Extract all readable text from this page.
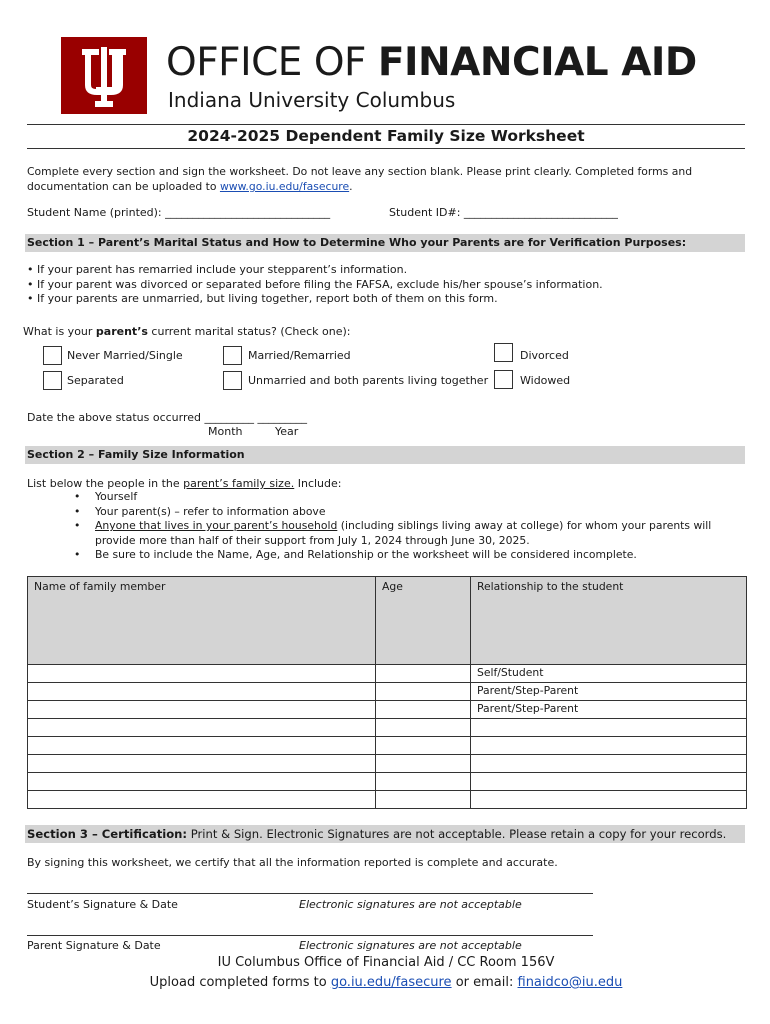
OFFICE OF FINANCIAL AID
Indiana University Columbus
2024-2025 Dependent Family Size Worksheet
Complete every section and sign the worksheet. Do not leave any section blank. Please print clearly. Completed forms and documentation can be uploaded to www.go.iu.edu/fasecure.
Student Name (printed): ______________________________	Student ID#: ____________________________
Section 1 – Parent’s Marital Status and How to Determine Who your Parents are for Verification Purposes:
• If your parent has remarried include your stepparent’s information.
• If your parent was divorced or separated before filing the FAFSA, exclude his/her spouse’s information.
• If your parents are unmarried, but living together, report both of them on this form.
What is your parent’s current marital status? (Check one):
Never Married/Single	Married/Remarried	Divorced
Separated	Unmarried and both parents living together	Widowed
Date the above status occurred _________ _________
Month	Year
Section 2 – Family Size Information
List below the people in the parent’s family size. Include:
• Yourself
• Your parent(s) – refer to information above
• Anyone that lives in your parent’s household (including siblings living away at college) for whom your parents will provide more than half of their support from July 1, 2024 through June 30, 2025.
• Be sure to include the Name, Age, and Relationship or the worksheet will be considered incomplete.
Name of family member	Age	Relationship to the student
		Self/Student
		Parent/Step-Parent
		Parent/Step-Parent

Section 3 – Certification: Print & Sign. Electronic Signatures are not acceptable. Please retain a copy for your records.
By signing this worksheet, we certify that all the information reported is complete and accurate.
Student’s Signature & Date	Electronic signatures are not acceptable
Parent Signature & Date	Electronic signatures are not acceptable
IU Columbus Office of Financial Aid / CC Room 156V
Upload completed forms to go.iu.edu/fasecure or email: finaidco@iu.edu
